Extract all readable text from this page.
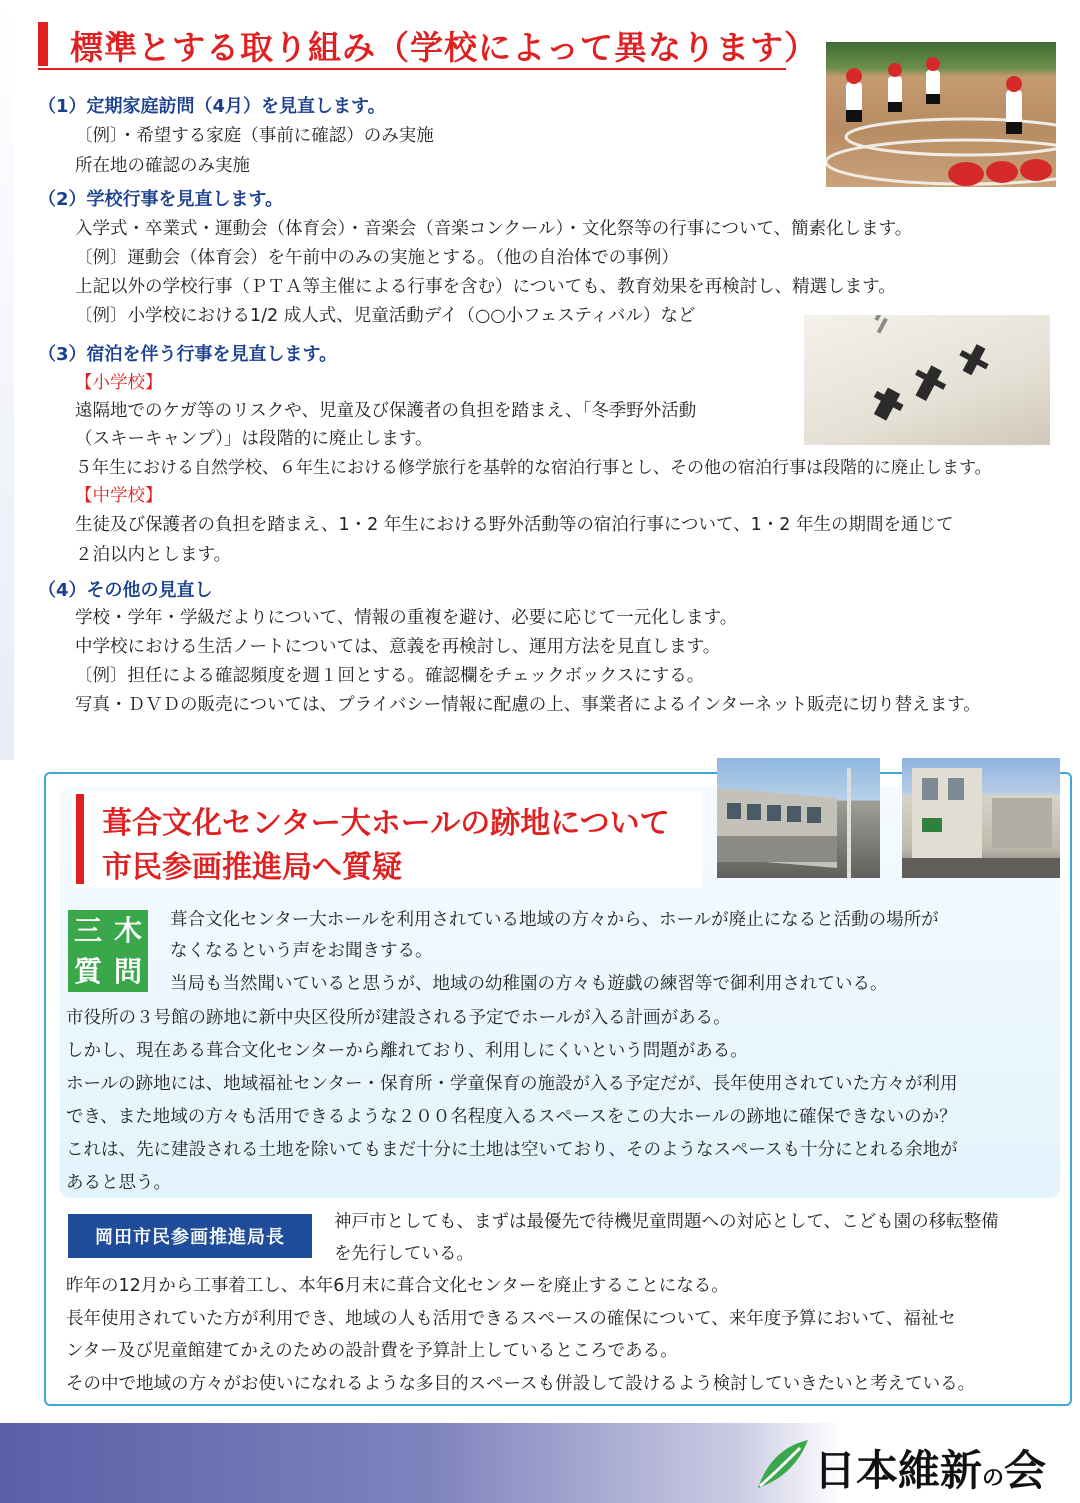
標準とする取り組み（学校によって異なります）
（1）定期家庭訪問（4月）を見直します。
〔例〕・希望する家庭（事前に確認）のみ実施
所在地の確認のみ実施
（2）学校行事を見直します。
入学式・卒業式・運動会（体育会）・音楽会（音楽コンクール）・文化祭等の行事について、簡素化します。
〔例〕運動会（体育会）を午前中のみの実施とする。（他の自治体での事例）
上記以外の学校行事（ＰＴＡ等主催による行事を含む）についても、教育効果を再検討し、精選します。
〔例〕小学校における1/2 成人式、児童活動デイ（○○小フェスティバル）など
（3）宿泊を伴う行事を見直します。
【小学校】
遠隔地でのケガ等のリスクや、児童及び保護者の負担を踏まえ、「冬季野外活動
（スキーキャンプ）」は段階的に廃止します。
５年生における自然学校、６年生における修学旅行を基幹的な宿泊行事とし、その他の宿泊行事は段階的に廃止します。
【中学校】
生徒及び保護者の負担を踏まえ、1・2 年生における野外活動等の宿泊行事について、1・2 年生の期間を通じて
２泊以内とします。
（4）その他の見直し
学校・学年・学級だよりについて、情報の重複を避け、必要に応じて一元化します。
中学校における生活ノートについては、意義を再検討し、運用方法を見直します。
〔例〕担任による確認頻度を週１回とする。確認欄をチェックボックスにする。
写真・ＤＶＤの販売については、プライバシー情報に配慮の上、事業者によるインターネット販売に切り替えます。
葺合文化センター大ホールの跡地について
市民参画推進局へ質疑
三 木
質 問
葺合文化センター大ホールを利用されている地域の方々から、ホールが廃止になると活動の場所が
なくなるという声をお聞きする。
当局も当然聞いていると思うが、地域の幼稚園の方々も遊戯の練習等で御利用されている。
市役所の３号館の跡地に新中央区役所が建設される予定でホールが入る計画がある。
しかし、現在ある葺合文化センターから離れており、利用しにくいという問題がある。
ホールの跡地には、地域福祉センター・保育所・学童保育の施設が入る予定だが、長年使用されていた方々が利用
でき、また地域の方々も活用できるような２００名程度入るスペースをこの大ホールの跡地に確保できないのか？
これは、先に建設される土地を除いてもまだ十分に土地は空いており、そのようなスペースも十分にとれる余地が
あると思う。
岡田市民参画推進局長
神戸市としても、まずは最優先で待機児童問題への対応として、こども園の移転整備
を先行している。
昨年の12月から工事着工し、本年6月末に葺合文化センターを廃止することになる。
長年使用されていた方が利用でき、地域の人も活用できるスペースの確保について、来年度予算において、福祉セ
ンター及び児童館建てかえのための設計費を予算計上しているところである。
その中で地域の方々がお使いになれるような多目的スペースも併設して設けるよう検討していきたいと考えている。
日本維新の会
